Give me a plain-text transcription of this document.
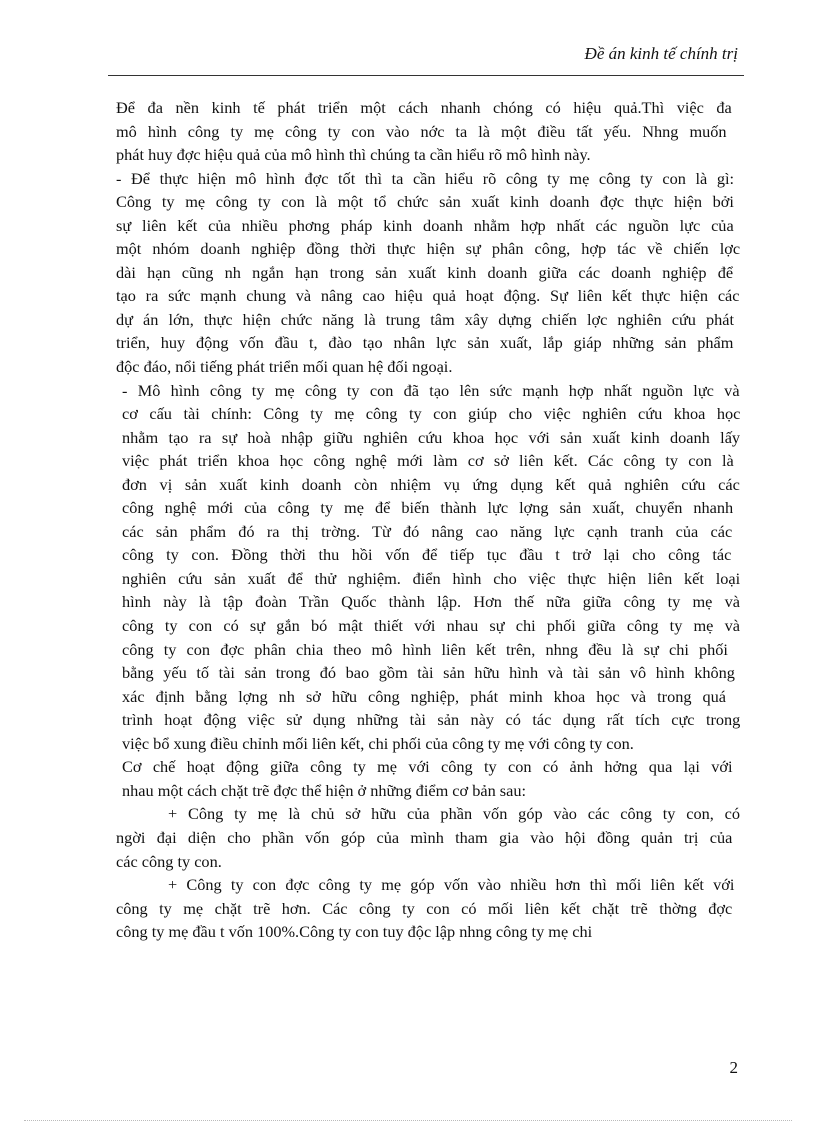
Đề án kinh tế chính trị
Để đa nền kinh tế phát triển một cách nhanh chóng có hiệu quả.Thì việc đa
mô hình công ty mẹ công ty con vào nớc ta là một điều tất yếu. Nhng muốn
phát huy đợc hiệu quả của mô hình thì chúng ta cần hiểu rõ mô hình này.
- Để thực hiện mô hình đợc tốt thì ta cần hiểu rõ công ty mẹ công ty con là gì:
Công ty mẹ công ty con là một tổ chức sản xuất kinh doanh đợc thực hiện bởi
sự liên kết của nhiều phơng pháp kinh doanh nhằm hợp nhất các nguồn lực của
một nhóm doanh nghiệp đồng thời thực hiện sự phân công, hợp tác về chiến lợc
dài hạn cũng nh ngắn hạn trong sản xuất kinh doanh giữa các doanh nghiệp để
tạo ra sức mạnh chung và nâng cao hiệu quả hoạt động. Sự liên kết thực hiện các
dự án lớn, thực hiện chức năng là trung tâm xây dựng chiến lợc nghiên cứu phát
triển, huy động vốn đầu t, đào tạo nhân lực sản xuất, lắp giáp những sản phẩm
độc đáo, nổi tiếng phát triển mối quan hệ đối ngoại.
- Mô hình công ty mẹ công ty con đã tạo lên sức mạnh hợp nhất nguồn lực và
cơ cấu tài chính: Công ty mẹ công ty con giúp cho việc nghiên cứu khoa học
nhằm tạo ra sự hoà nhập giữu nghiên cứu khoa học với sản xuất kinh doanh lấy
việc phát triển khoa học công nghệ mới làm cơ sở liên kết. Các công ty con là
đơn vị sản xuất kinh doanh còn nhiệm vụ ứng dụng kết quả nghiên cứu các
công nghệ mới của công ty mẹ để biến thành lực lợng sản xuất, chuyển nhanh
các sản phẩm đó ra thị trờng. Từ đó nâng cao năng lực cạnh tranh của các
công ty con. Đồng thời thu hồi vốn để tiếp tục đầu t trở lại cho công tác
nghiên cứu sản xuất để thử nghiệm. điển hình cho việc thực hiện liên kết loại
hình này là tập đoàn Trần Quốc thành lập. Hơn thế nữa giữa công ty mẹ và
công ty con có sự gắn bó mật thiết với nhau sự chi phối giữa công ty mẹ và
công ty con đợc phân chia theo mô hình liên kết trên, nhng đều là sự chi phối
bằng yếu tố tài sản trong đó bao gồm tài sản hữu hình và tài sản vô hình không
xác định bằng lợng nh sở hữu công nghiệp, phát minh khoa học và trong quá
trình hoạt động việc sử dụng những tài sản này có tác dụng rất tích cực trong
việc bổ xung điều chỉnh mối liên kết, chi phối của công ty mẹ với công ty con.
Cơ chế hoạt động giữa công ty mẹ với công ty con có ảnh hởng qua lại với
nhau một cách chặt trẽ đợc thể hiện ở những điểm cơ bản sau:
+ Công ty mẹ là chủ sở hữu của phần vốn góp vào các công ty con, có
ngời đại diện cho phần vốn góp của mình tham gia vào hội đồng quản trị của
các công ty con.
+ Công ty con đợc công ty mẹ góp vốn vào nhiều hơn thì mối liên kết với
công ty mẹ chặt trẽ hơn. Các công ty con có mối liên kết chặt trẽ thờng đợc
công ty mẹ đầu t vốn 100%.Công ty con tuy độc lập nhng công ty mẹ chi
2
